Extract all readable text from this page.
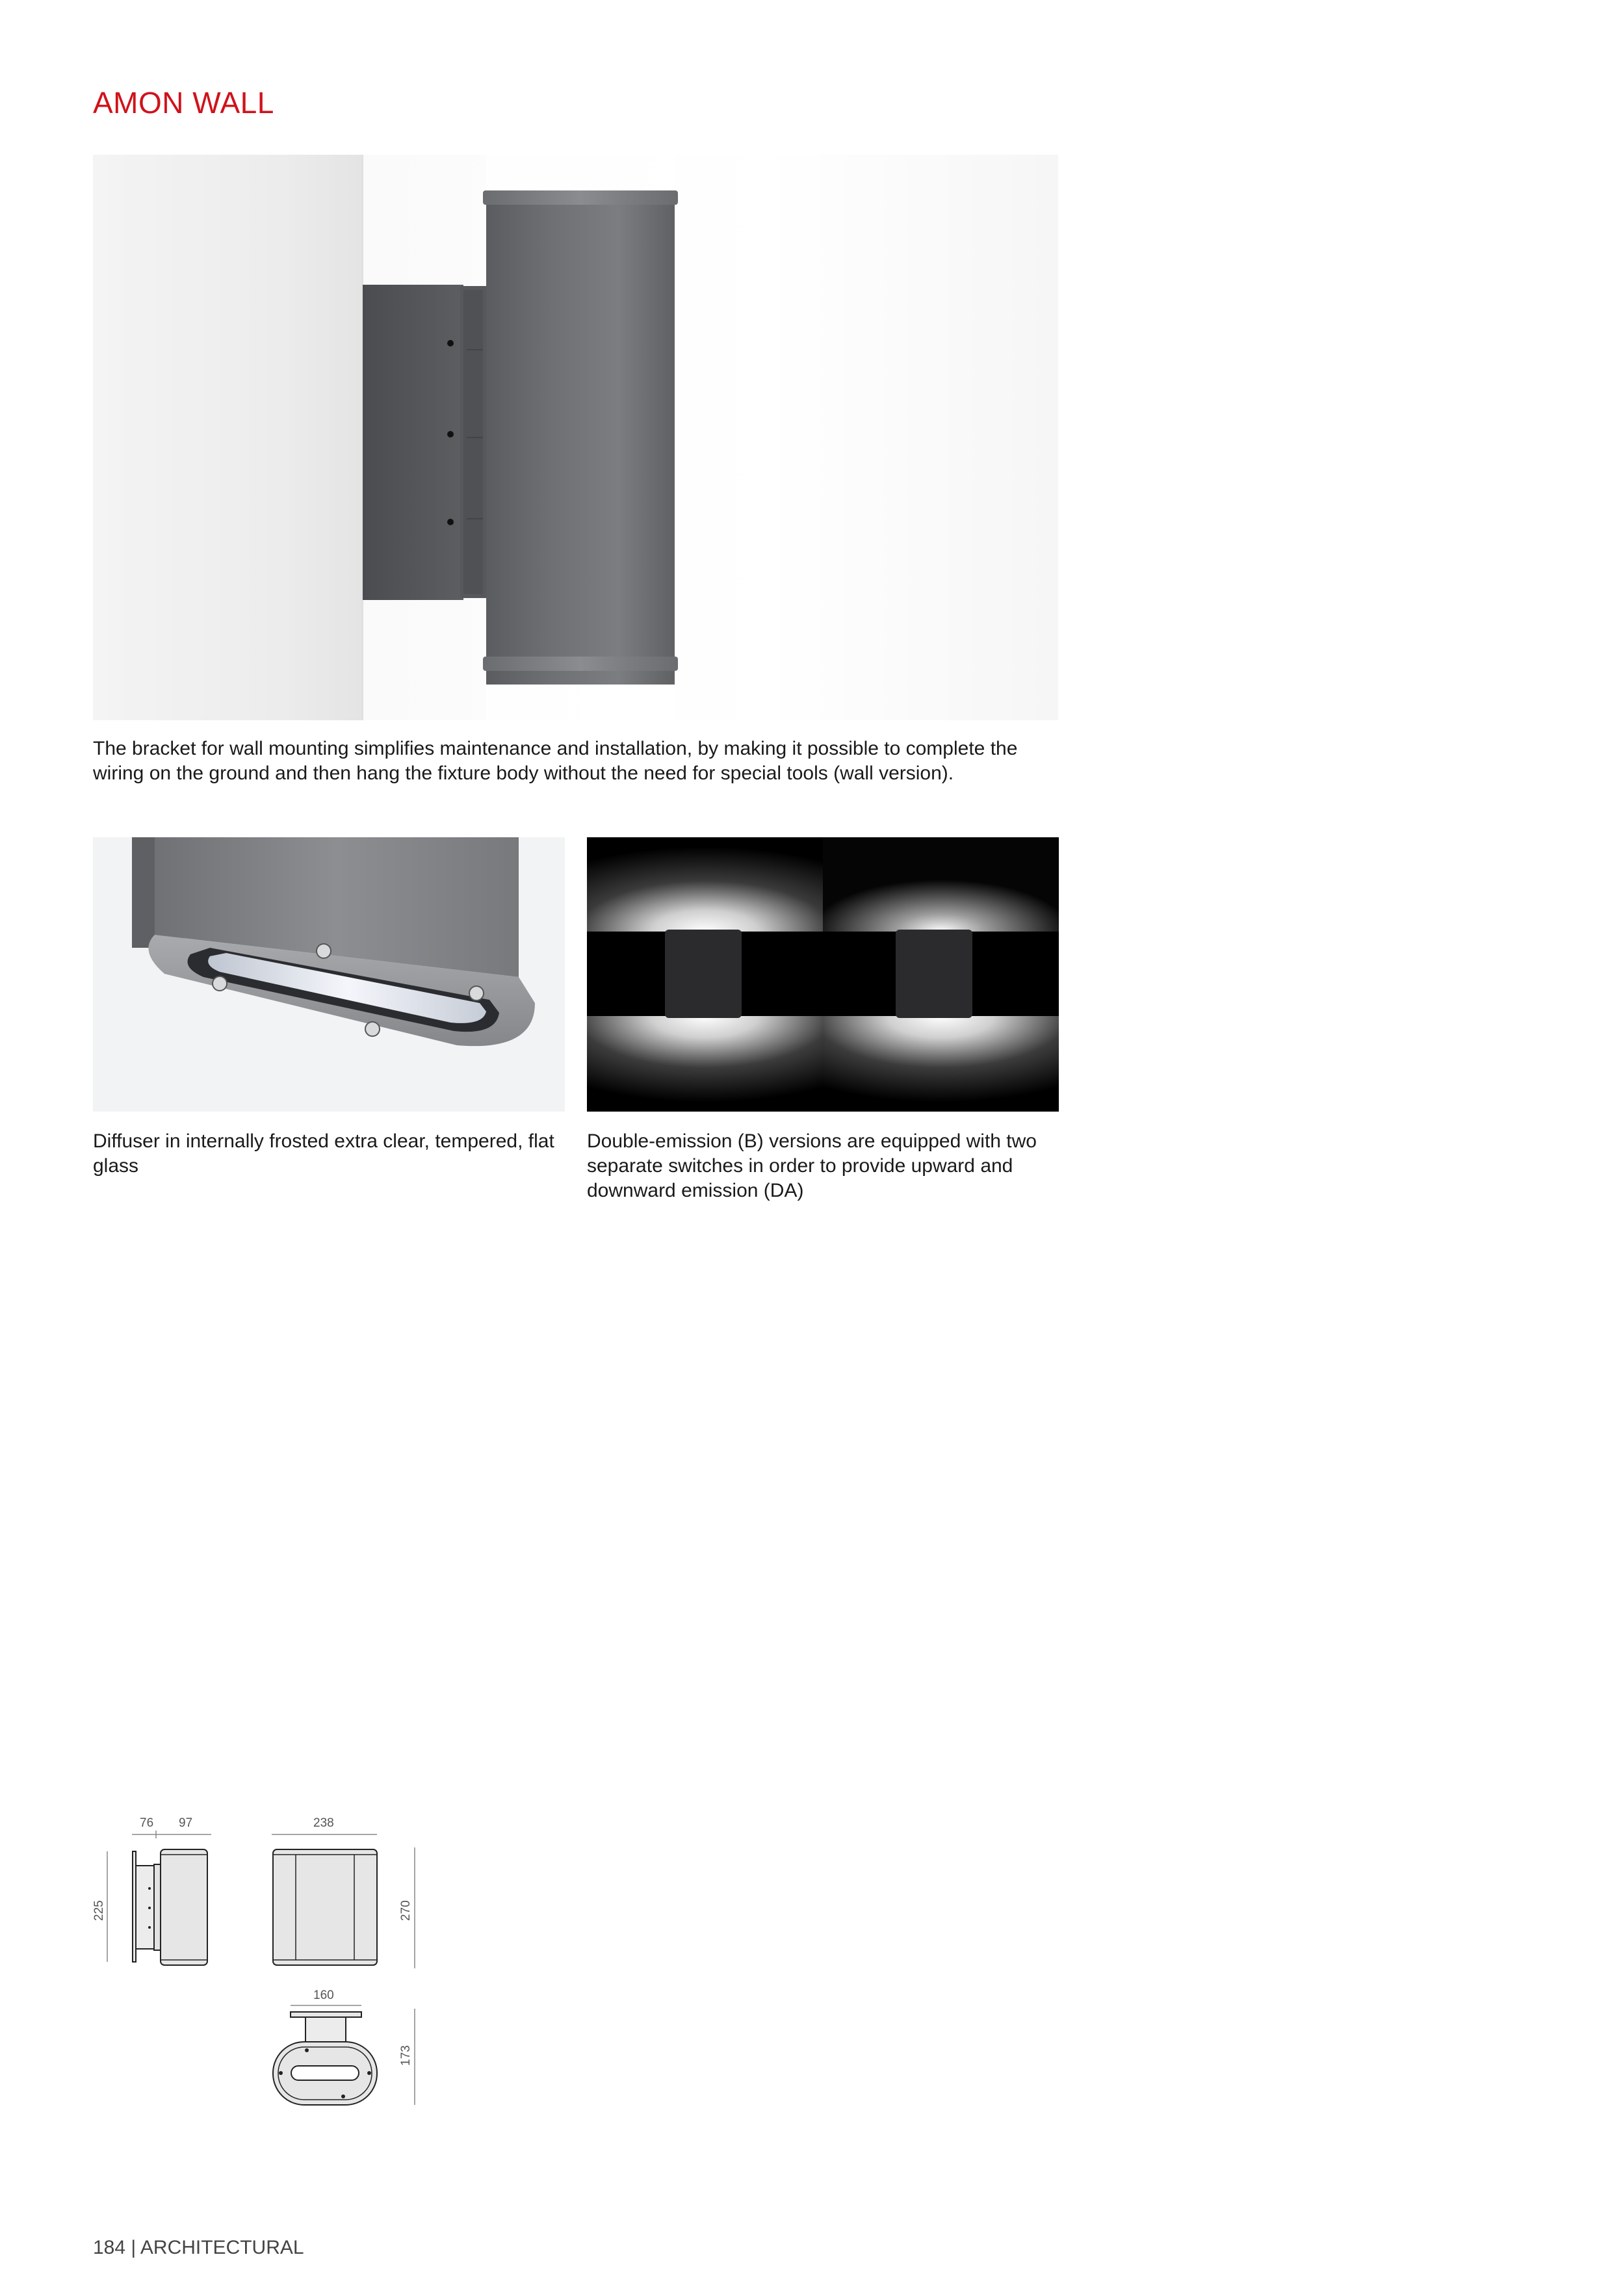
AMON WALL
The bracket for wall mounting simplifies maintenance and installation, by making it possible to complete the wiring on the ground and then hang the fixture body without the need for special tools (wall version).
Diffuser in internally frosted extra clear, tempered, flat glass
Double-emission (B) versions are equipped with two separate switches in order to provide upward and downward emission (DA)
76 97
225
238
270
160
173
184 | ARCHITECTURAL
